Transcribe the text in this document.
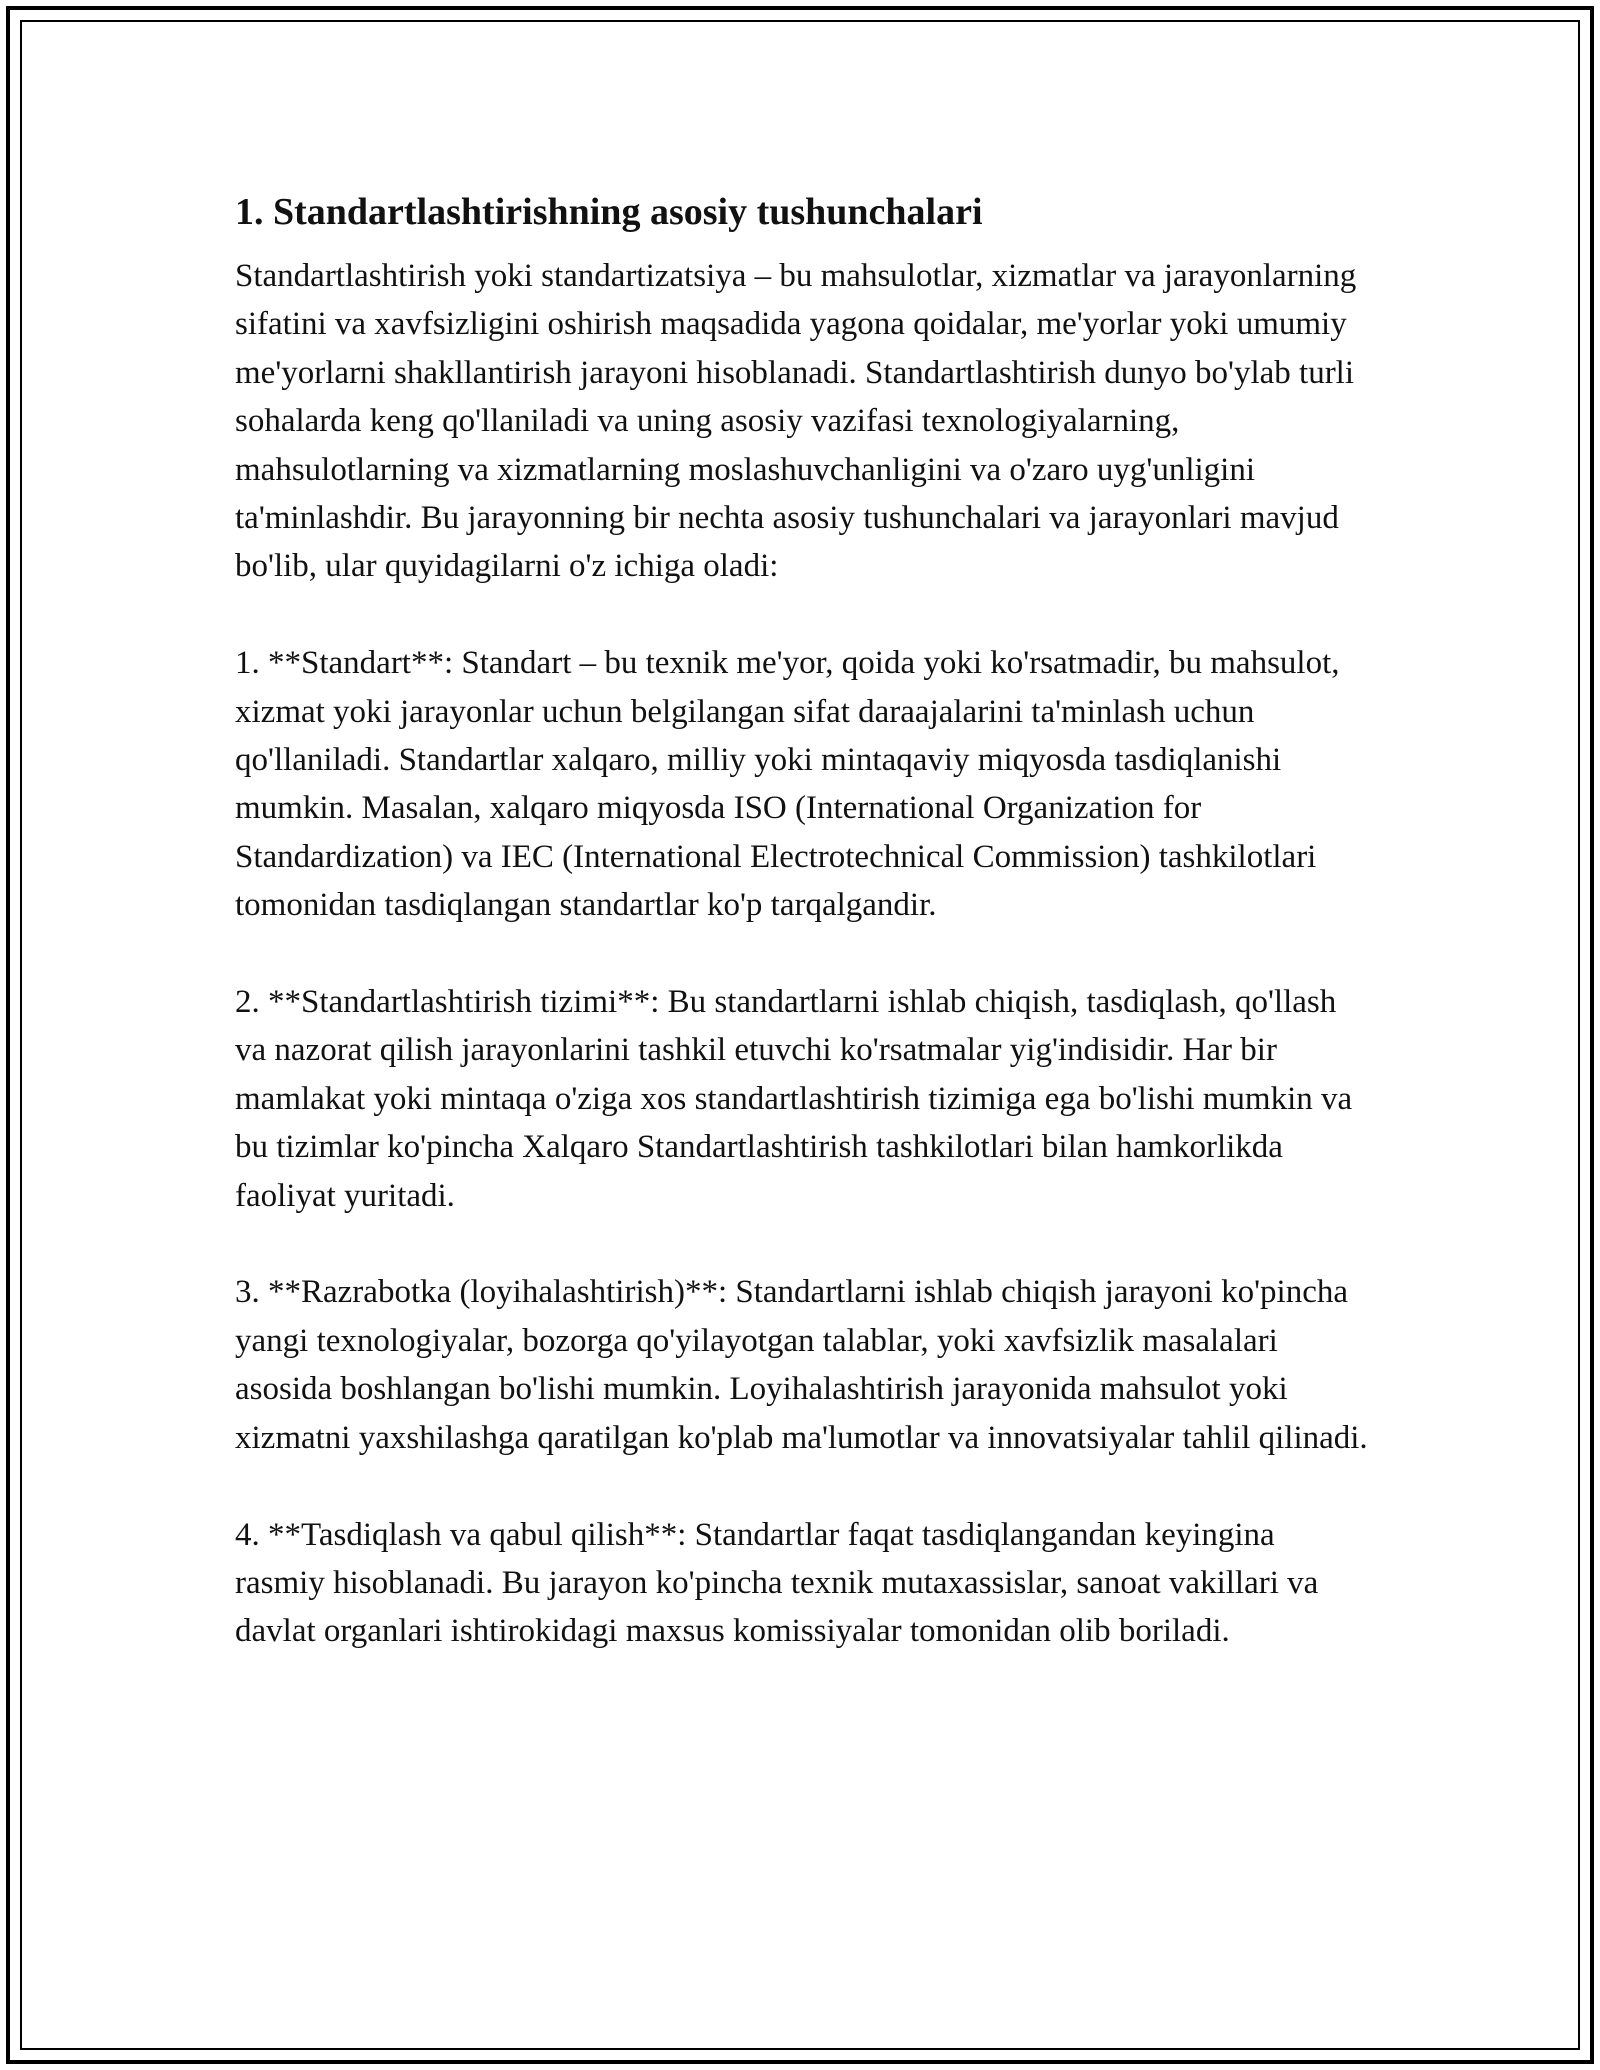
1. Standartlashtirishning asosiy tushunchalari

Standartlashtirish yoki standartizatsiya – bu mahsulotlar, xizmatlar va jarayonlarning sifatini va xavfsizligini oshirish maqsadida yagona qoidalar, me'yorlar yoki umumiy me'yorlarni shakllantirish jarayoni hisoblanadi. Standartlashtirish dunyo bo'ylab turli sohalarda keng qo'llaniladi va uning asosiy vazifasi texnologiyalarning, mahsulotlarning va xizmatlarning moslashuvchanligini va o'zaro uyg'unligini ta'minlashdir. Bu jarayonning bir nechta asosiy tushunchalari va jarayonlari mavjud bo'lib, ular quyidagilarni o'z ichiga oladi:

1. **Standart**: Standart – bu texnik me'yor, qoida yoki ko'rsatmadir, bu mahsulot, xizmat yoki jarayonlar uchun belgilangan sifat daraajalarini ta'minlash uchun qo'llaniladi. Standartlar xalqaro, milliy yoki mintaqaviy miqyosda tasdiqlanishi mumkin. Masalan, xalqaro miqyosda ISO (International Organization for Standardization) va IEC (International Electrotechnical Commission) tashkilotlari tomonidan tasdiqlangan standartlar ko'p tarqalgandir.

2. **Standartlashtirish tizimi**: Bu standartlarni ishlab chiqish, tasdiqlash, qo'llash va nazorat qilish jarayonlarini tashkil etuvchi ko'rsatmalar yig'indisidir. Har bir mamlakat yoki mintaqa o'ziga xos standartlashtirish tizimiga ega bo'lishi mumkin va bu tizimlar ko'pincha Xalqaro Standartlashtirish tashkilotlari bilan hamkorlikda faoliyat yuritadi.

3. **Razrabotka (loyihalashtirish)**: Standartlarni ishlab chiqish jarayoni ko'pincha yangi texnologiyalar, bozorga qo'yilayotgan talablar, yoki xavfsizlik masalalari asosida boshlangan bo'lishi mumkin. Loyihalashtirish jarayonida mahsulot yoki xizmatni yaxshilashga qaratilgan ko'plab ma'lumotlar va innovatsiyalar tahlil qilinadi.

4. **Tasdiqlash va qabul qilish**: Standartlar faqat tasdiqlangandan keyingina rasmiy hisoblanadi. Bu jarayon ko'pincha texnik mutaxassislar, sanoat vakillari va davlat organlari ishtirokidagi maxsus komissiyalar tomonidan olib boriladi.
